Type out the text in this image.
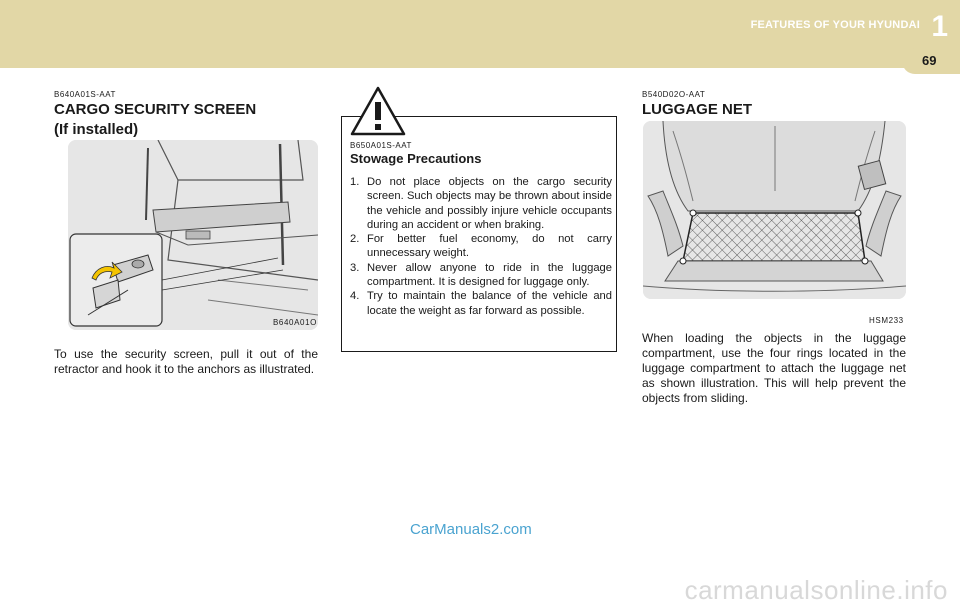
FEATURES OF YOUR HYUNDAI 1
69
B640A01S-AAT
CARGO SECURITY SCREEN
(If installed)
B640A01O
To use the security screen, pull it out of the retractor and hook it to the anchors as illustrated.
B650A01S-AAT
Stowage Precautions
1. Do not place objects on the cargo security screen. Such objects may be thrown about inside the vehicle and possibly injure vehicle occupants during an accident or when braking.
2. For better fuel economy, do not carry unnecessary weight.
3. Never allow anyone to ride in the luggage compartment. It is designed for luggage only.
4. Try to maintain the balance of the vehicle and locate the weight as far forward as possible.
B540D02O-AAT
LUGGAGE NET
HSM233
When loading the objects in the luggage compartment, use the four rings located in the luggage compartment to attach the luggage net as shown illustration. This will help prevent the objects from sliding.
CarManuals2.com
carmanualsonline.info
